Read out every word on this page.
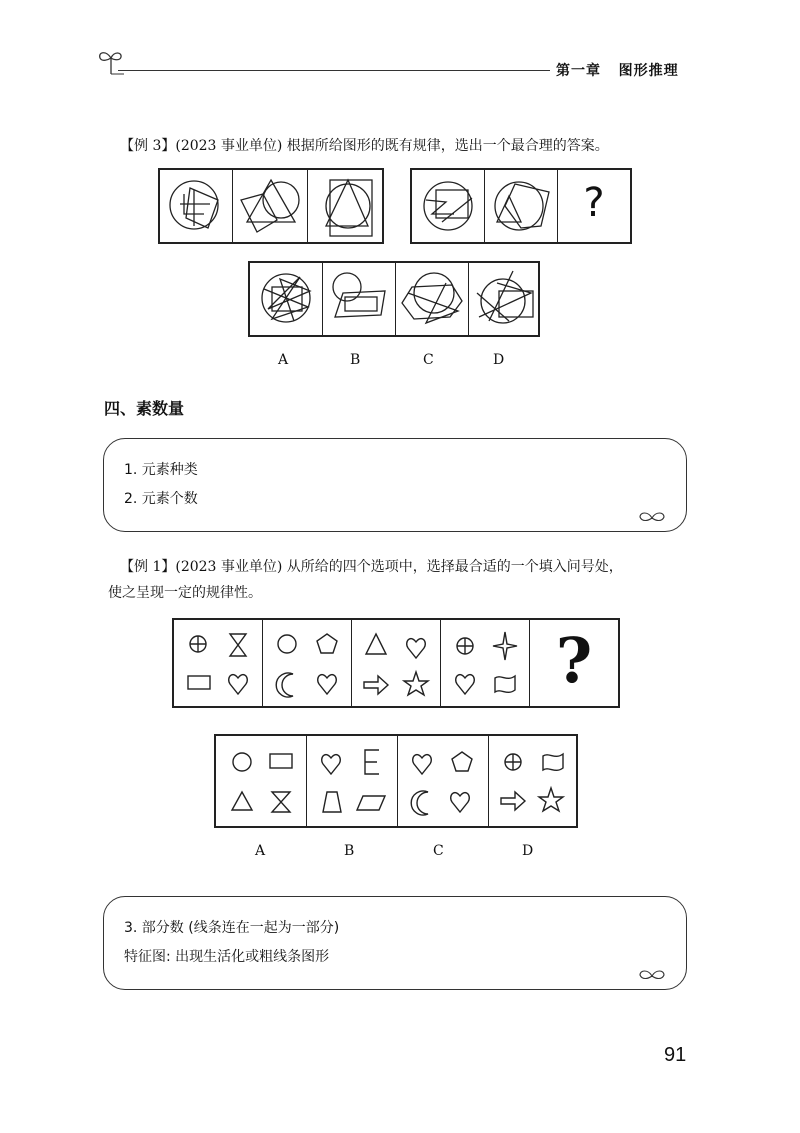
第一章 图形推理
【例 3】(2023 事业单位) 根据所给图形的既有规律，选出一个最合理的答案。
?
A	B	C	D
四、素数量
1. 元素种类
2. 元素个数
【例 1】(2023 事业单位) 从所给的四个选项中，选择最合适的一个填入问号处，
使之呈现一定的规律性。
?
A	B	C	D
3. 部分数 (线条连在一起为一部分)
特征图: 出现生活化或粗线条图形
91
